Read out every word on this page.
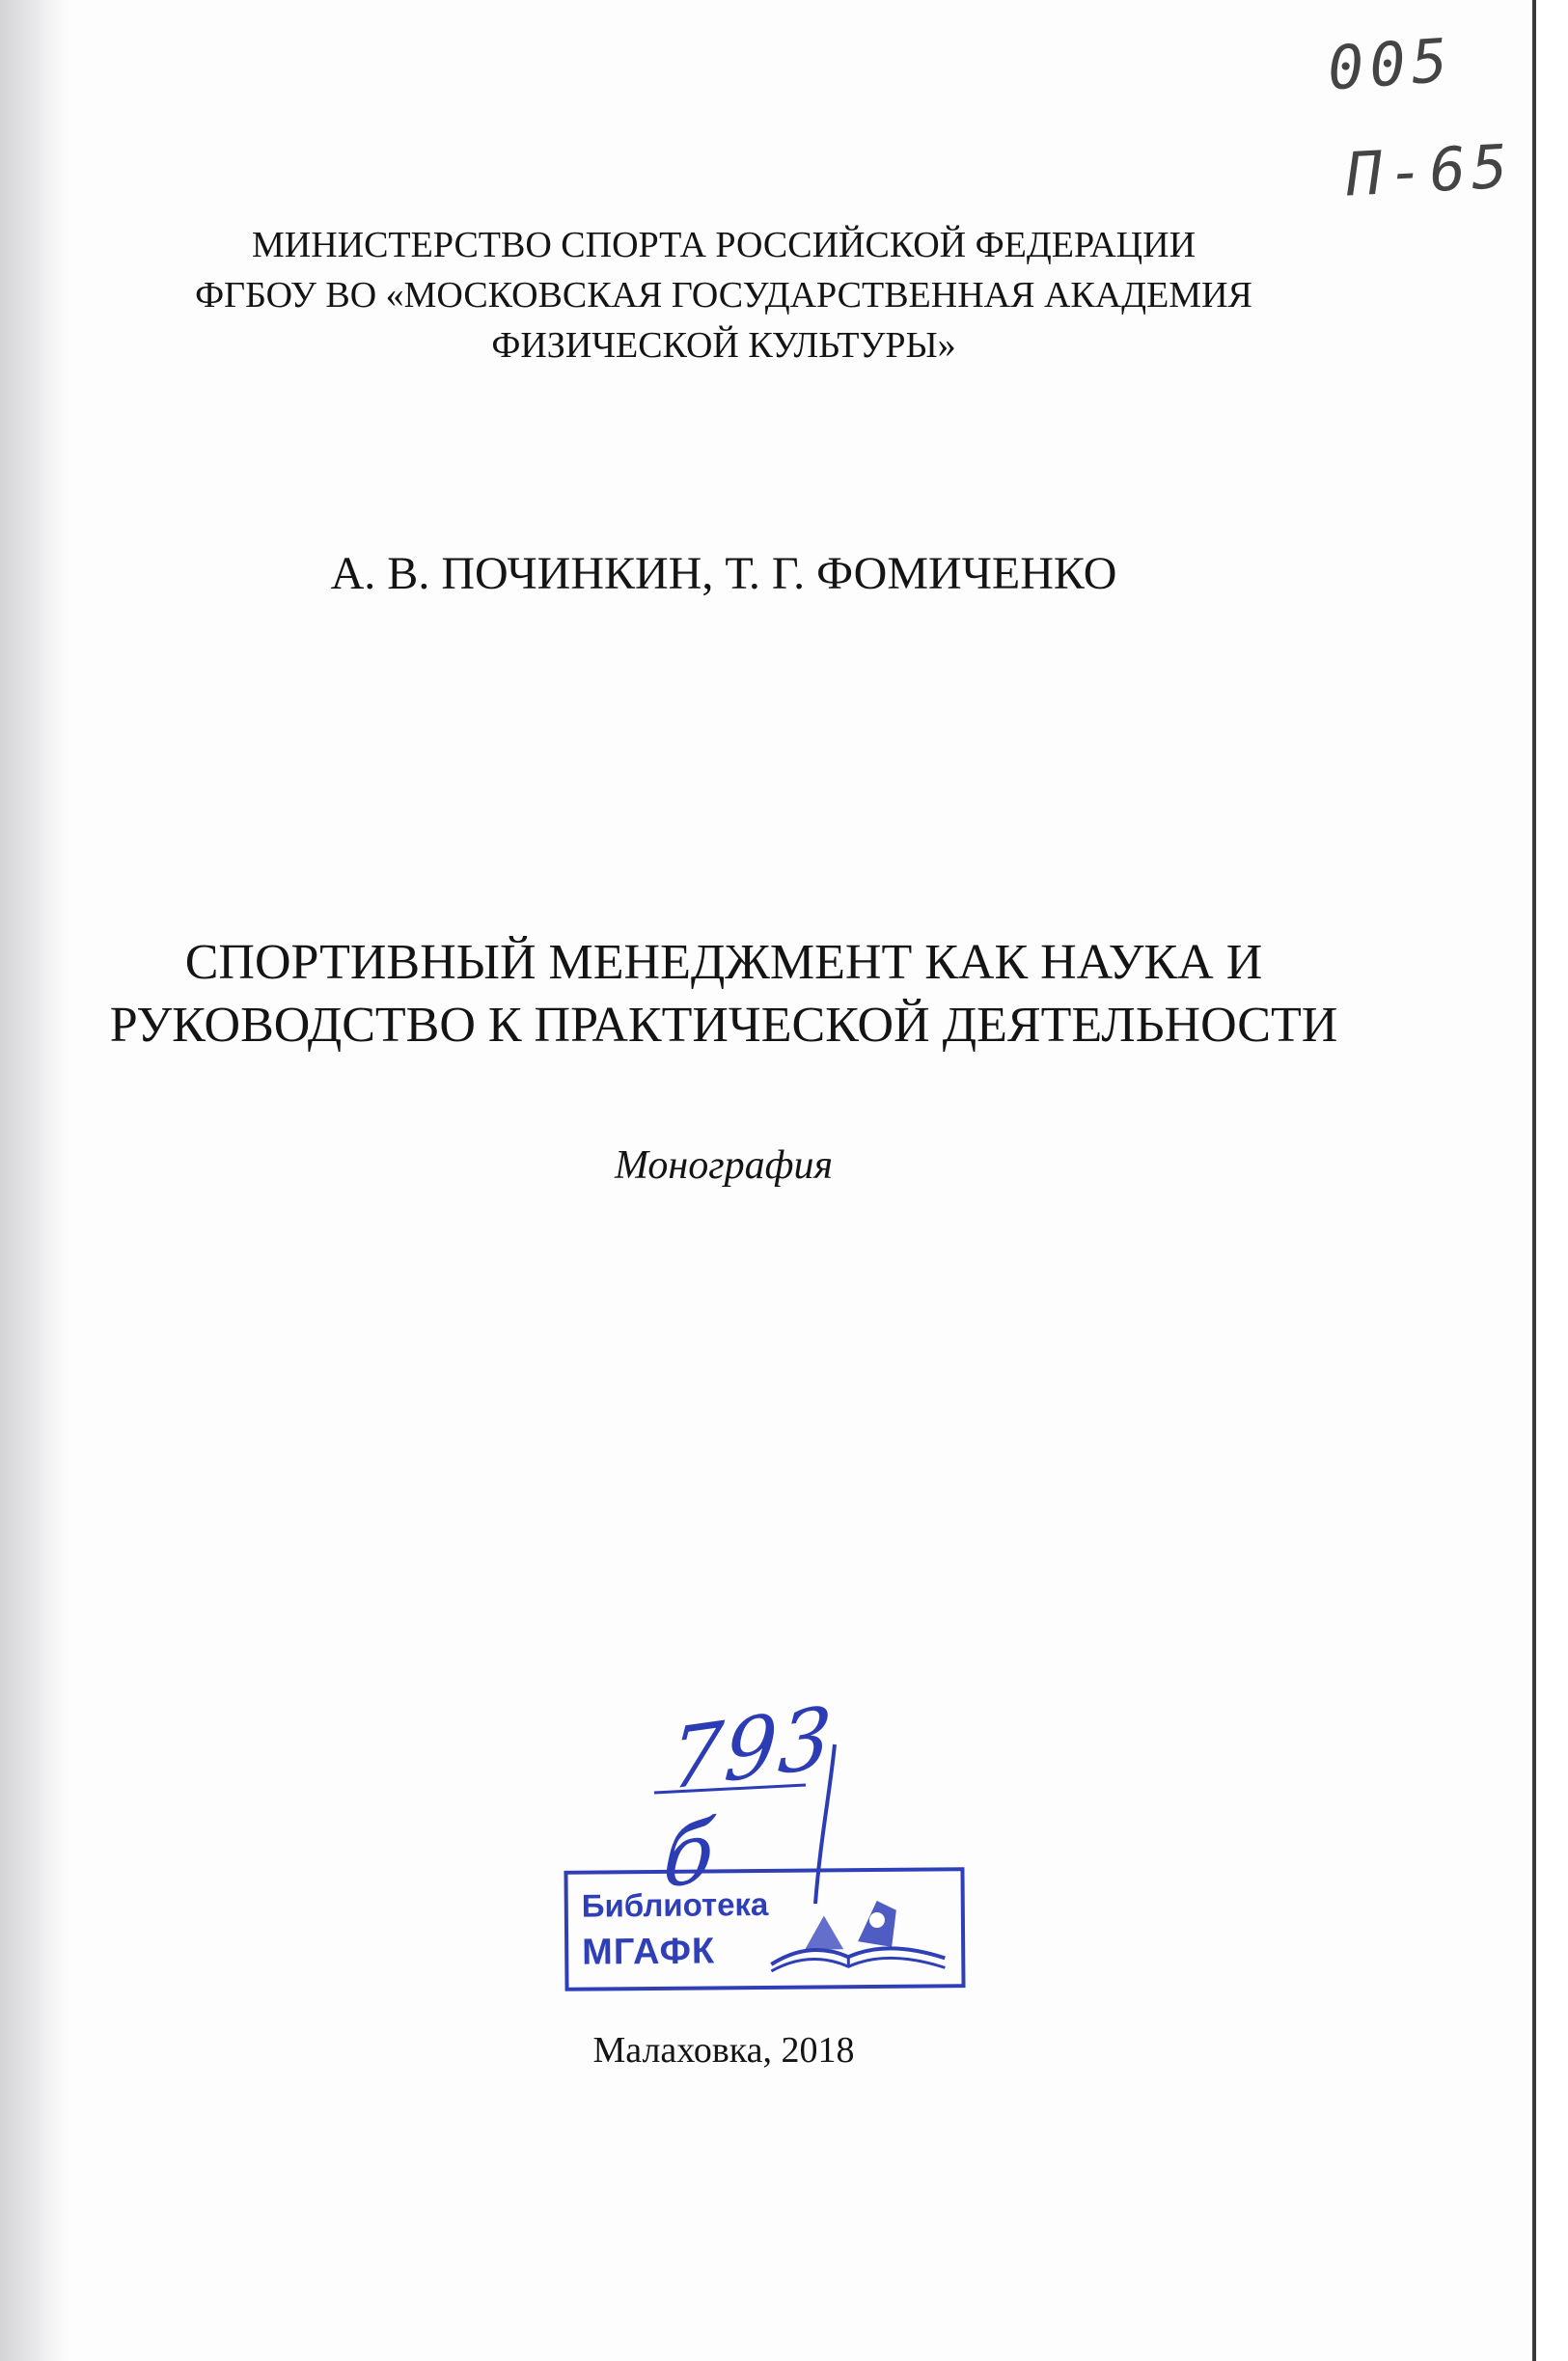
005
П-65
МИНИСТЕРСТВО СПОРТА РОССИЙСКОЙ ФЕДЕРАЦИИ
ФГБОУ ВО «МОСКОВСКАЯ ГОСУДАРСТВЕННАЯ АКАДЕМИЯ
ФИЗИЧЕСКОЙ КУЛЬТУРЫ»
А. В. ПОЧИНКИН, Т. Г. ФОМИЧЕНКО
СПОРТИВНЫЙ МЕНЕДЖМЕНТ КАК НАУКА И
РУКОВОДСТВО К ПРАКТИЧЕСКОЙ ДЕЯТЕЛЬНОСТИ
Монография
793 б
Библиотека
МГАФК
Малаховка, 2018
